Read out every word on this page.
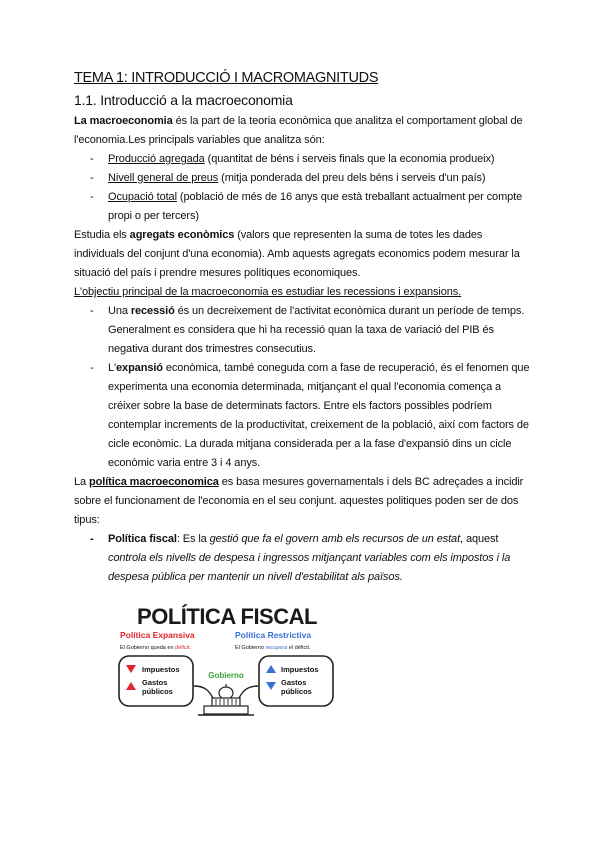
TEMA 1: INTRODUCCIÓ I MACROMAGNITUDS
1.1. Introducció a la macroeconomia

La macroeconomia és la part de la teoria econòmica que analitza el comportament global de l'economia.Les principals variables que analitza són:

- Producció agregada (quantitat de béns i serveis finals que la economia produeix)
- Nivell general de preus (mitja ponderada del preu dels béns i serveis d'un país)
- Ocupació total (població de més de 16 anys que està treballant actualment per compte propi o per tercers)

Estudia els agregats econòmics (valors que representen la suma de totes les dades individuals del conjunt d'una economia). Amb aquests agregats economics podem mesurar la situació del país i prendre mesures polítiques economiques.

L'objectiu principal de la macroeconomia es estudiar les recessions i expansions.

- Una recessió és un decreixement de l'activitat econòmica durant un període de temps. Generalment es considera que hi ha recessió quan la taxa de variació del PIB és negativa durant dos trimestres consecutius.
- L'expansió econòmica, també coneguda com a fase de recuperació, és el fenomen que experimenta una economia determinada, mitjançant el qual l'economia comença a créixer sobre la base de determinats factors. Entre els factors possibles podríem contemplar increments de la productivitat, creixement de la població, així com factors de cicle econòmic. La durada mitjana considerada per a la fase d'expansió dins un cicle econòmic varia entre 3 i 4 anys.

La política macroeconomica es basa mesures governamentals i dels BC adreçades a incidir sobre el funcionament de l'economia en el seu conjunt. aquestes politiques poden ser de dos tipus:

- Política fiscal: Es la gestió que fa el govern amb els recursos de un estat, aquest controla els nivells de despesa i ingressos mitjançant variables com els impostos i la despesa pública per mantenir un nivell d'estabilitat als països.
POLÍTICA FISCAL
Política Expansiva
El Gobierno queda en déficit.
Política Restrictiva
El Gobierno recupera el déficit.
Impuestos
Gastos
públicos
Impuestos
Gastos
públicos
Gobierno
